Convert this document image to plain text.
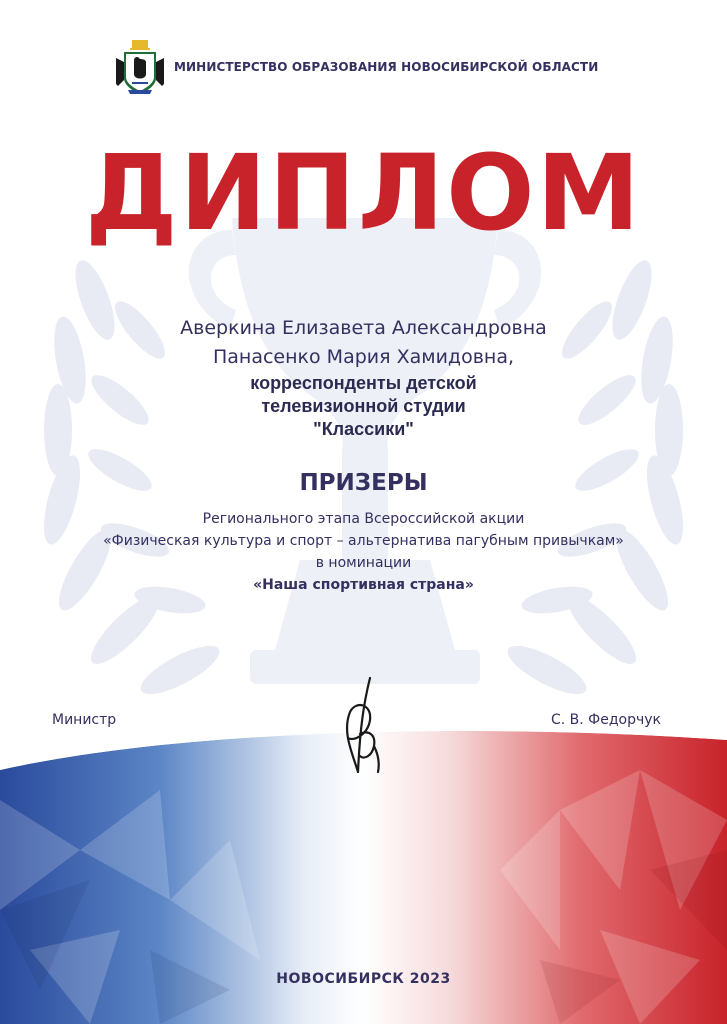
МИНИСТЕРСТВО ОБРАЗОВАНИЯ НОВОСИБИРСКОЙ ОБЛАСТИ
ДИПЛОМ
Аверкина Елизавета Александровна
Панасенко Мария Хамидовна,
корреспонденты детской
телевизионной студии
"Классики"
ПРИЗЕРЫ
Регионального этапа Всероссийской акции
«Физическая культура и спорт – альтернатива пагубным привычкам»
в номинации
«Наша спортивная страна»
Министр	С. В. Федорчук
НОВОСИБИРСК 2023
